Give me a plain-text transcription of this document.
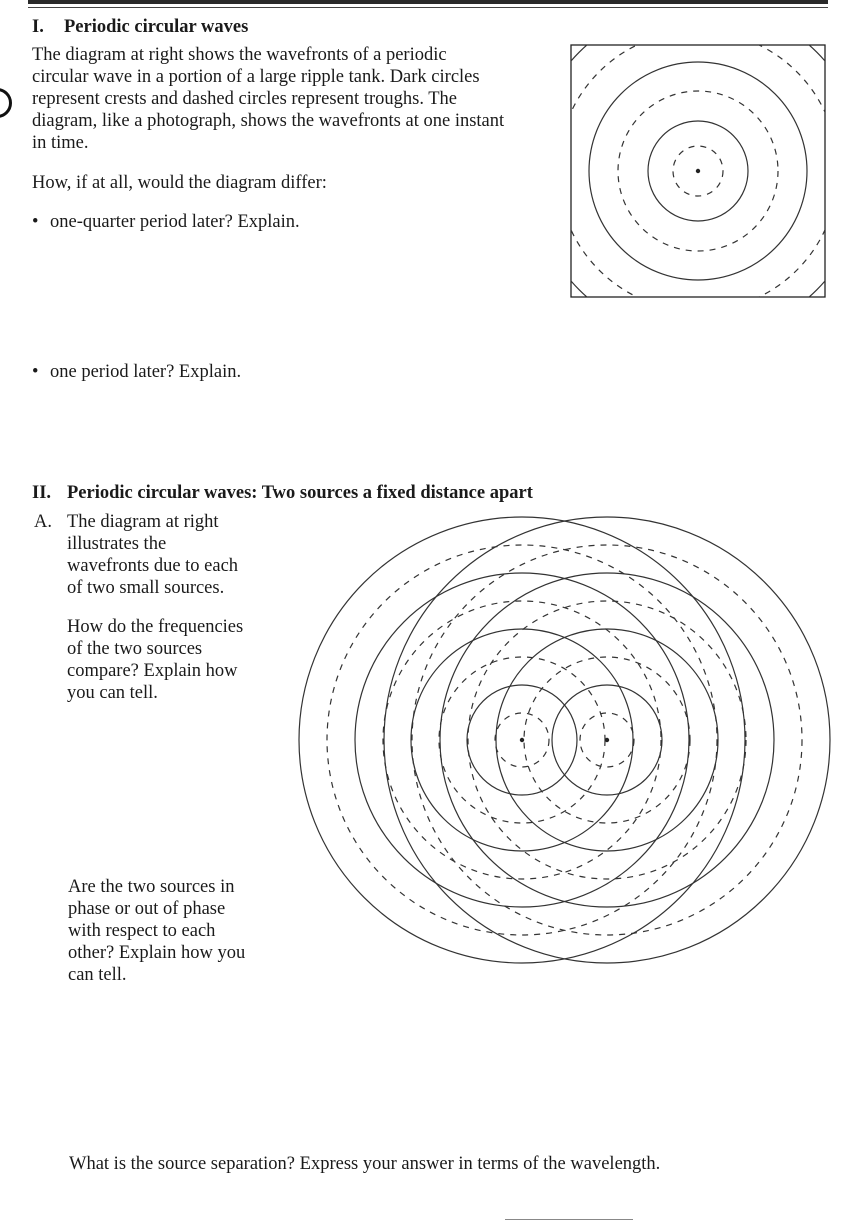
I. Periodic circular waves
The diagram at right shows the wavefronts of a periodic
circular wave in a portion of a large ripple tank. Dark circles
represent crests and dashed circles represent troughs. The
diagram, like a photograph, shows the wavefronts at one instant
in time.
How, if at all, would the diagram differ:
• one-quarter period later? Explain.
• one period later? Explain.
II. Periodic circular waves: Two sources a fixed distance apart
A. The diagram at right
illustrates the
wavefronts due to each
of two small sources.
How do the frequencies
of the two sources
compare? Explain how
you can tell.
Are the two sources in
phase or out of phase
with respect to each
other? Explain how you
can tell.
What is the source separation? Express your answer in terms of the wavelength.
